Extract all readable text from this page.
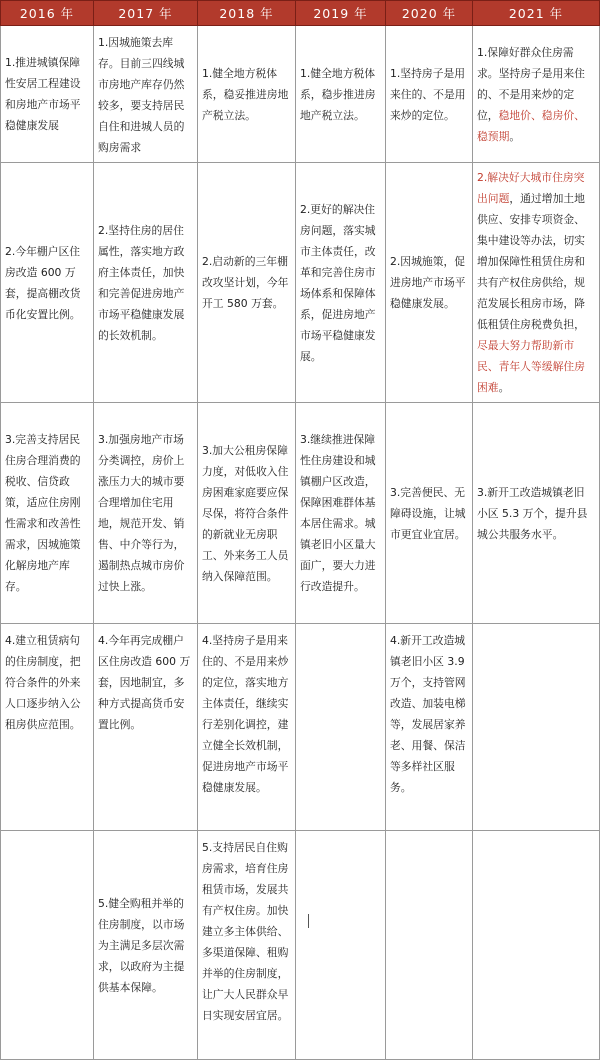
2016 年	2017 年	2018 年	2019 年	2020 年	2021 年
1.推进城镇保障性安居工程建设和房地产市场平稳健康发展	1.因城施策去库存。目前三四线城市房地产库存仍然较多，要支持居民自住和进城人员的购房需求	1.健全地方税体系，稳妥推进房地产税立法。	1.健全地方税体系，稳步推进房地产税立法。	1.坚持房子是用来住的、不是用来炒的定位。	1.保障好群众住房需求。坚持房子是用来住的、不是用来炒的定位，稳地价、稳房价、稳预期。
2.今年棚户区住房改造 600 万套，提高棚改货币化安置比例。	2.坚持住房的居住属性，落实地方政府主体责任，加快和完善促进房地产市场平稳健康发展的长效机制。	2.启动新的三年棚改攻坚计划，今年开工 580 万套。	2.更好的解决住房问题，落实城市主体责任，改革和完善住房市场体系和保障体系，促进房地产市场平稳健康发展。	2.因城施策，促进房地产市场平稳健康发展。	2.解决好大城市住房突出问题，通过增加土地供应、安排专项资金、集中建设等办法，切实增加保障性租赁住房和共有产权住房供给，规范发展长租房市场，降低租赁住房税费负担，尽最大努力帮助新市民、青年人等缓解住房困难。
3.完善支持居民住房合理消费的税收、信贷政策，适应住房刚性需求和改善性需求，因城施策化解房地产库存。	3.加强房地产市场分类调控，房价上涨压力大的城市要合理增加住宅用地，规范开发、销售、中介等行为，遏制热点城市房价过快上涨。	3.加大公租房保障力度，对低收入住房困难家庭要应保尽保，将符合条件的新就业无房职工、外来务工人员纳入保障范围。	3.继续推进保障性住房建设和城镇棚户区改造，保障困难群体基本居住需求。城镇老旧小区量大面广，要大力进行改造提升。	3.完善便民、无障碍设施，让城市更宜业宜居。	3.新开工改造城镇老旧小区 5.3 万个，提升县城公共服务水平。
4.建立租赁病句的住房制度，把符合条件的外来人口逐步纳入公租房供应范围。	4.今年再完成棚户区住房改造 600 万套，因地制宜，多种方式提高货币安置比例。	4.坚持房子是用来住的、不是用来炒的定位，落实地方主体责任，继续实行差别化调控，建立健全长效机制，促进房地产市场平稳健康发展。		4.新开工改造城镇老旧小区 3.9 万个，支持管网改造、加装电梯等，发展居家养老、用餐、保洁等多样社区服务。	
	5.健全购租并举的住房制度，以市场为主满足多层次需求，以政府为主提供基本保障。	5.支持居民自住购房需求，培育住房租赁市场，发展共有产权住房。加快建立多主体供给、多渠道保障、租购并举的住房制度，让广大人民群众早日实现安居宜居。			
